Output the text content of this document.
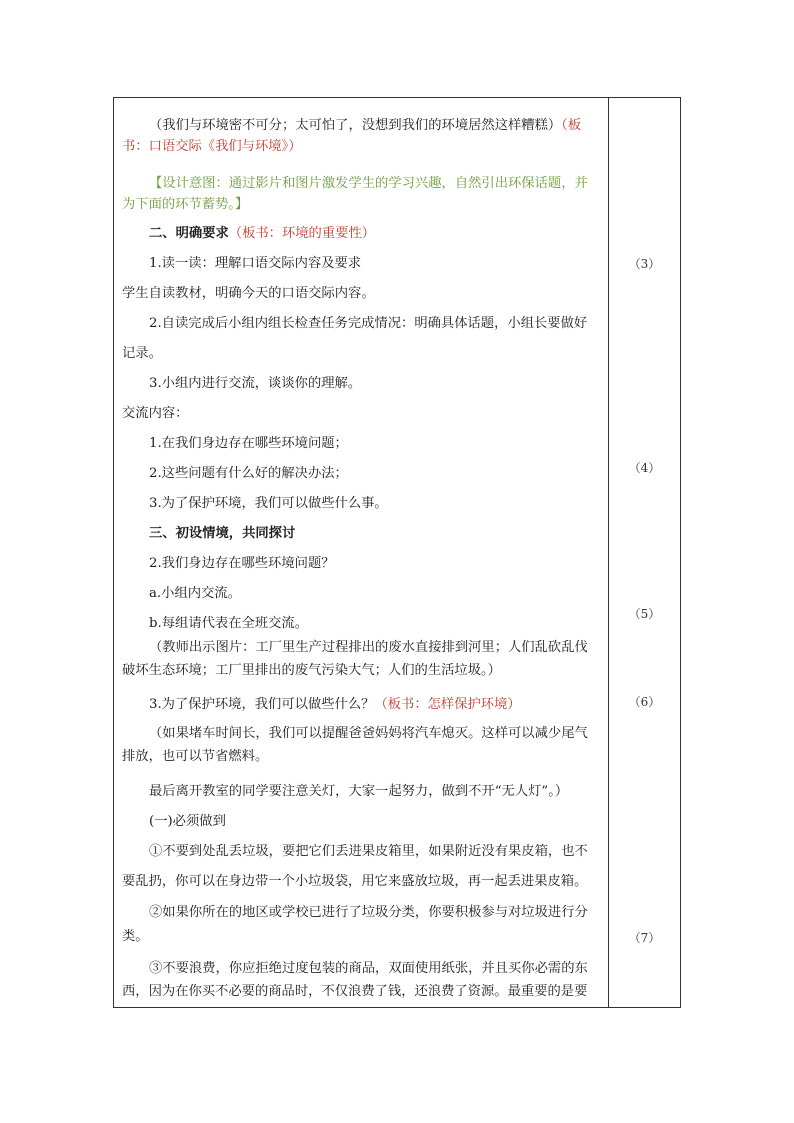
（我们与环境密不可分；太可怕了，没想到我们的环境居然这样糟糕）（板
书：口语交际《我们与环境》）
【设计意图：通过影片和图片激发学生的学习兴趣，自然引出环保话题，并
为下面的环节蓄势。】
二、明确要求（板书：环境的重要性）
1.读一读：理解口语交际内容及要求
学生自读教材，明确今天的口语交际内容。
2.自读完成后小组内组长检查任务完成情况：明确具体话题，小组长要做好
记录。
3.小组内进行交流，谈谈你的理解。
交流内容：
1.在我们身边存在哪些环境问题；
2.这些问题有什么好的解决办法；
3.为了保护环境，我们可以做些什么事。
三、初设情境，共同探讨
2.我们身边存在哪些环境问题？
a.小组内交流。
b.每组请代表在全班交流。
（教师出示图片：工厂里生产过程排出的废水直接排到河里；人们乱砍乱伐
破坏生态环境；工厂里排出的废气污染大气；人们的生活垃圾。）
3.为了保护环境，我们可以做些什么？（板书：怎样保护环境）
（如果堵车时间长，我们可以提醒爸爸妈妈将汽车熄灭。这样可以减少尾气
排放，也可以节省燃料。
最后离开教室的同学要注意关灯，大家一起努力，做到不开“无人灯”。）
(一)必须做到
①不要到处乱丢垃圾，要把它们丢进果皮箱里，如果附近没有果皮箱，也不
要乱扔，你可以在身边带一个小垃圾袋，用它来盛放垃圾，再一起丢进果皮箱。
②如果你所在的地区或学校已进行了垃圾分类，你要积极参与对垃圾进行分
类。
③不要浪费，你应拒绝过度包装的商品，双面使用纸张，并且买你必需的东
西，因为在你买不必要的商品时，不仅浪费了钱，还浪费了资源。最重要的是要
（3）
（4）
（5）
（6）
（7）
